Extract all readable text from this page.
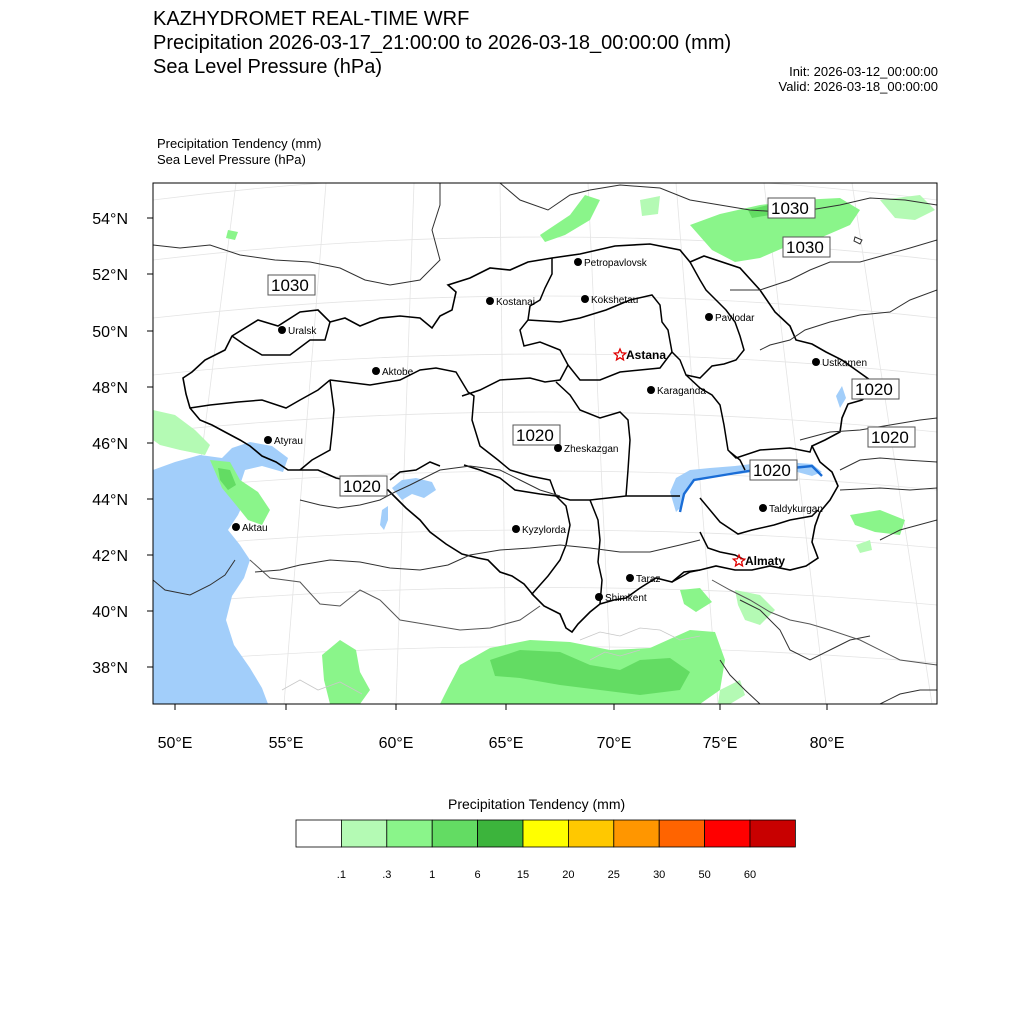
KAZHYDROMET REAL-TIME WRF
Precipitation 2026-03-17_21:00:00 to 2026-03-18_00:00:00 (mm)
Sea Level Pressure (hPa)	Init: 2026-03-12_00:00:00
Valid: 2026-03-18_00:00:00
Precipitation Tendency (mm)
Sea Level Pressure (hPa)
54°N
52°N
50°N
48°N
46°N
44°N
42°N
40°N
38°N
50°E	55°E	60°E	65°E	70°E	75°E	80°E
1030
1030
1030
1020
1020
1020
1020
1020
Petropavlovsk
Kostanai	Kokshetau
Pavlodar
Uralsk
Astana
Aktobe
Ustkamen
Karaganda
Atyrau
Zheskazgan
Aktau	Kyzylorda
Taldykurgan
Almaty
Taraz
Shimkent
.1	.3	1	6	15	20	25	30	50	60
Precipitation Tendency (mm)
